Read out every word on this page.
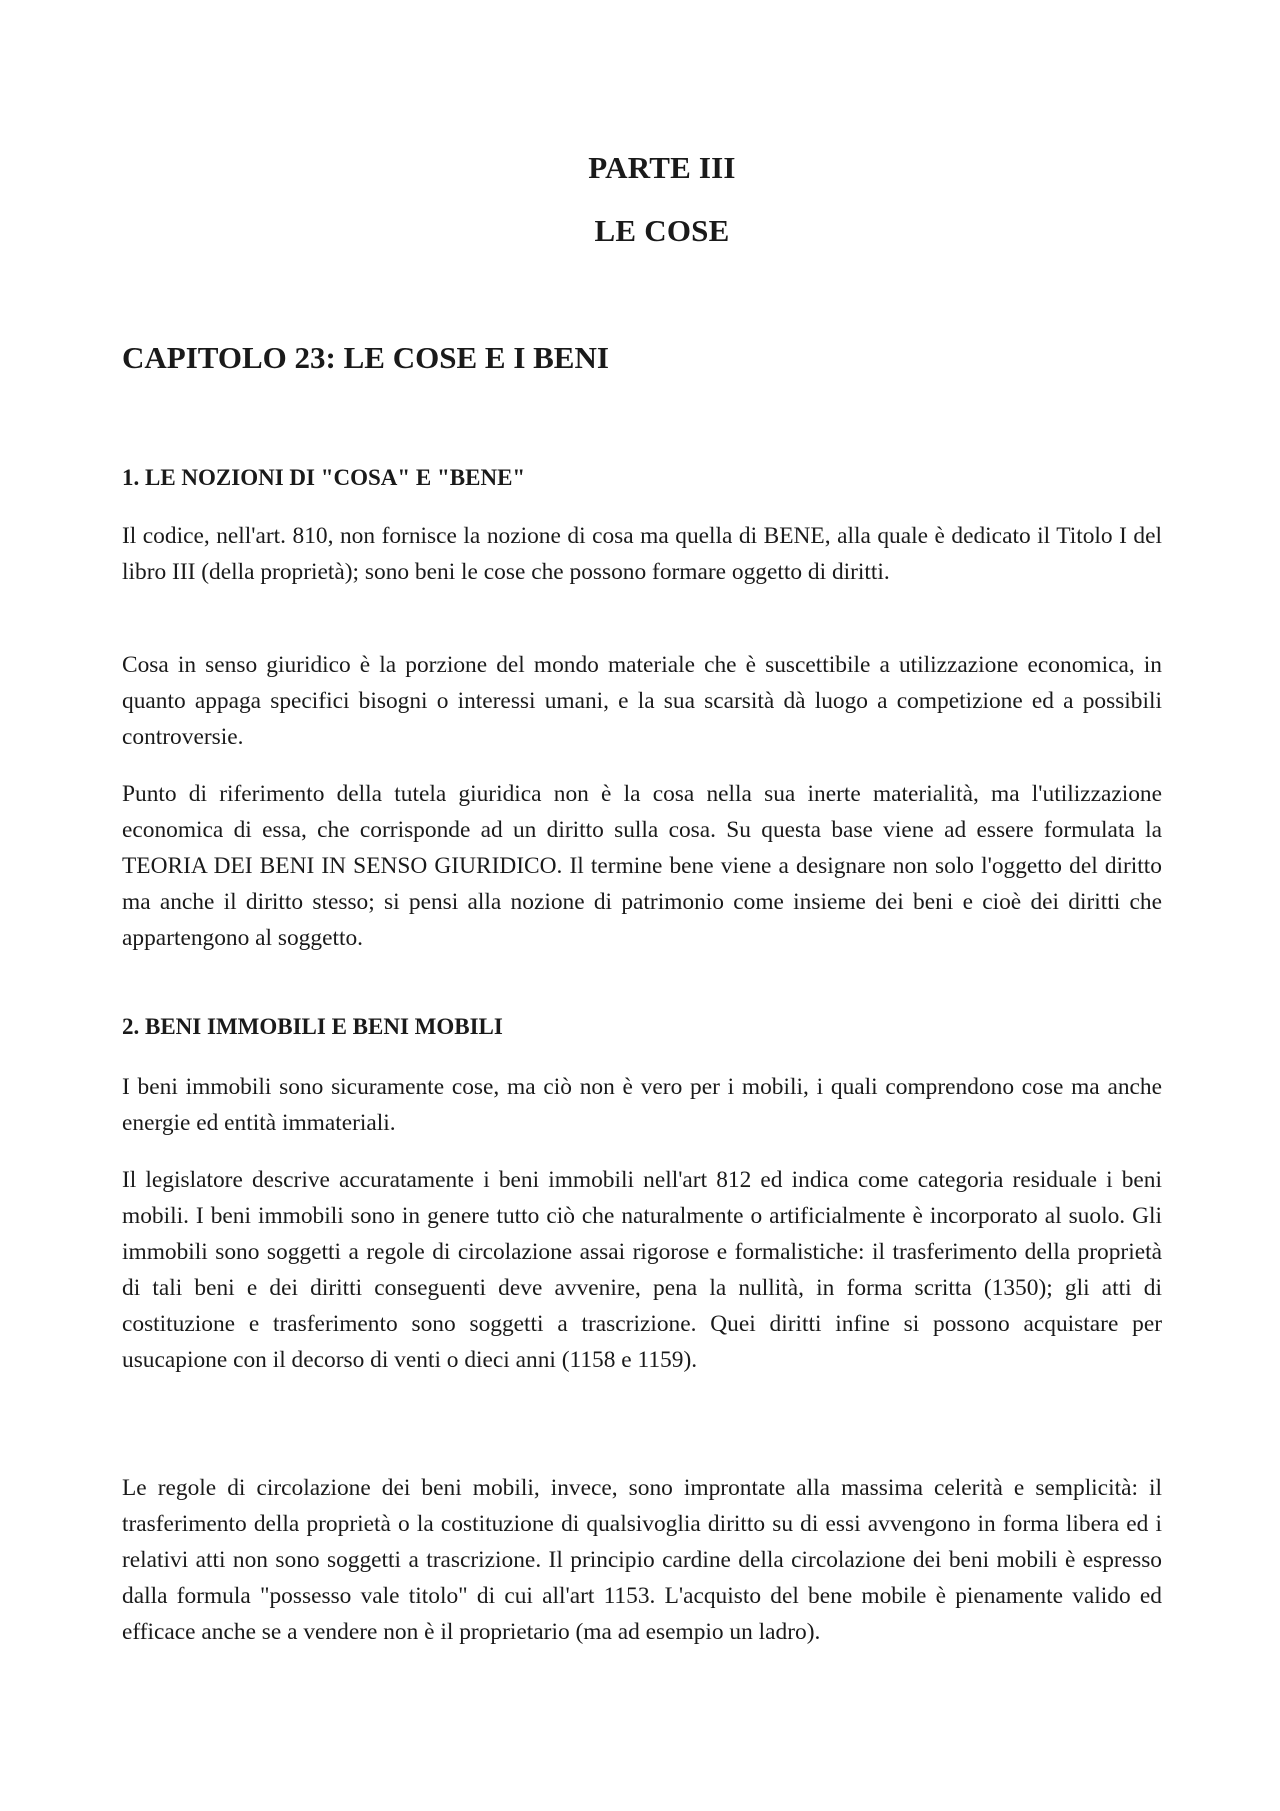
PARTE III
LE COSE
CAPITOLO 23: LE COSE E I BENI
1. LE NOZIONI DI "COSA" E "BENE"

Il codice, nell'art. 810, non fornisce la nozione di cosa ma quella di BENE, alla quale è dedicato il Titolo I del libro III (della proprietà); sono beni le cose che possono formare oggetto di diritti.

Cosa in senso giuridico è la porzione del mondo materiale che è suscettibile a utilizzazione economica, in quanto appaga specifici bisogni o interessi umani, e la sua scarsità dà luogo a competizione ed a possibili controversie.

Punto di riferimento della tutela giuridica non è la cosa nella sua inerte materialità, ma l'utilizzazione economica di essa, che corrisponde ad un diritto sulla cosa. Su questa base viene ad essere formulata la TEORIA DEI BENI IN SENSO GIURIDICO. Il termine bene viene a designare non solo l'oggetto del diritto ma anche il diritto stesso; si pensi alla nozione di patrimonio come insieme dei beni e cioè dei diritti che appartengono al soggetto.

2. BENI IMMOBILI E BENI MOBILI

I beni immobili sono sicuramente cose, ma ciò non è vero per i mobili, i quali comprendono cose ma anche energie ed entità immateriali.

Il legislatore descrive accuratamente i beni immobili nell'art 812 ed indica come categoria residuale i beni mobili. I beni immobili sono in genere tutto ciò che naturalmente o artificialmente è incorporato al suolo. Gli immobili sono soggetti a regole di circolazione assai rigorose e formalistiche: il trasferimento della proprietà di tali beni e dei diritti conseguenti deve avvenire, pena la nullità, in forma scritta (1350); gli atti di costituzione e trasferimento sono soggetti a trascrizione. Quei diritti infine si possono acquistare per usucapione con il decorso di venti o dieci anni (1158 e 1159).

Le regole di circolazione dei beni mobili, invece, sono improntate alla massima celerità e semplicità: il trasferimento della proprietà o la costituzione di qualsivoglia diritto su di essi avvengono in forma libera ed i relativi atti non sono soggetti a trascrizione. Il principio cardine della circolazione dei beni mobili è espresso dalla formula "possesso vale titolo" di cui all'art 1153. L'acquisto del bene mobile è pienamente valido ed efficace anche se a vendere non è il proprietario (ma ad esempio un ladro).
